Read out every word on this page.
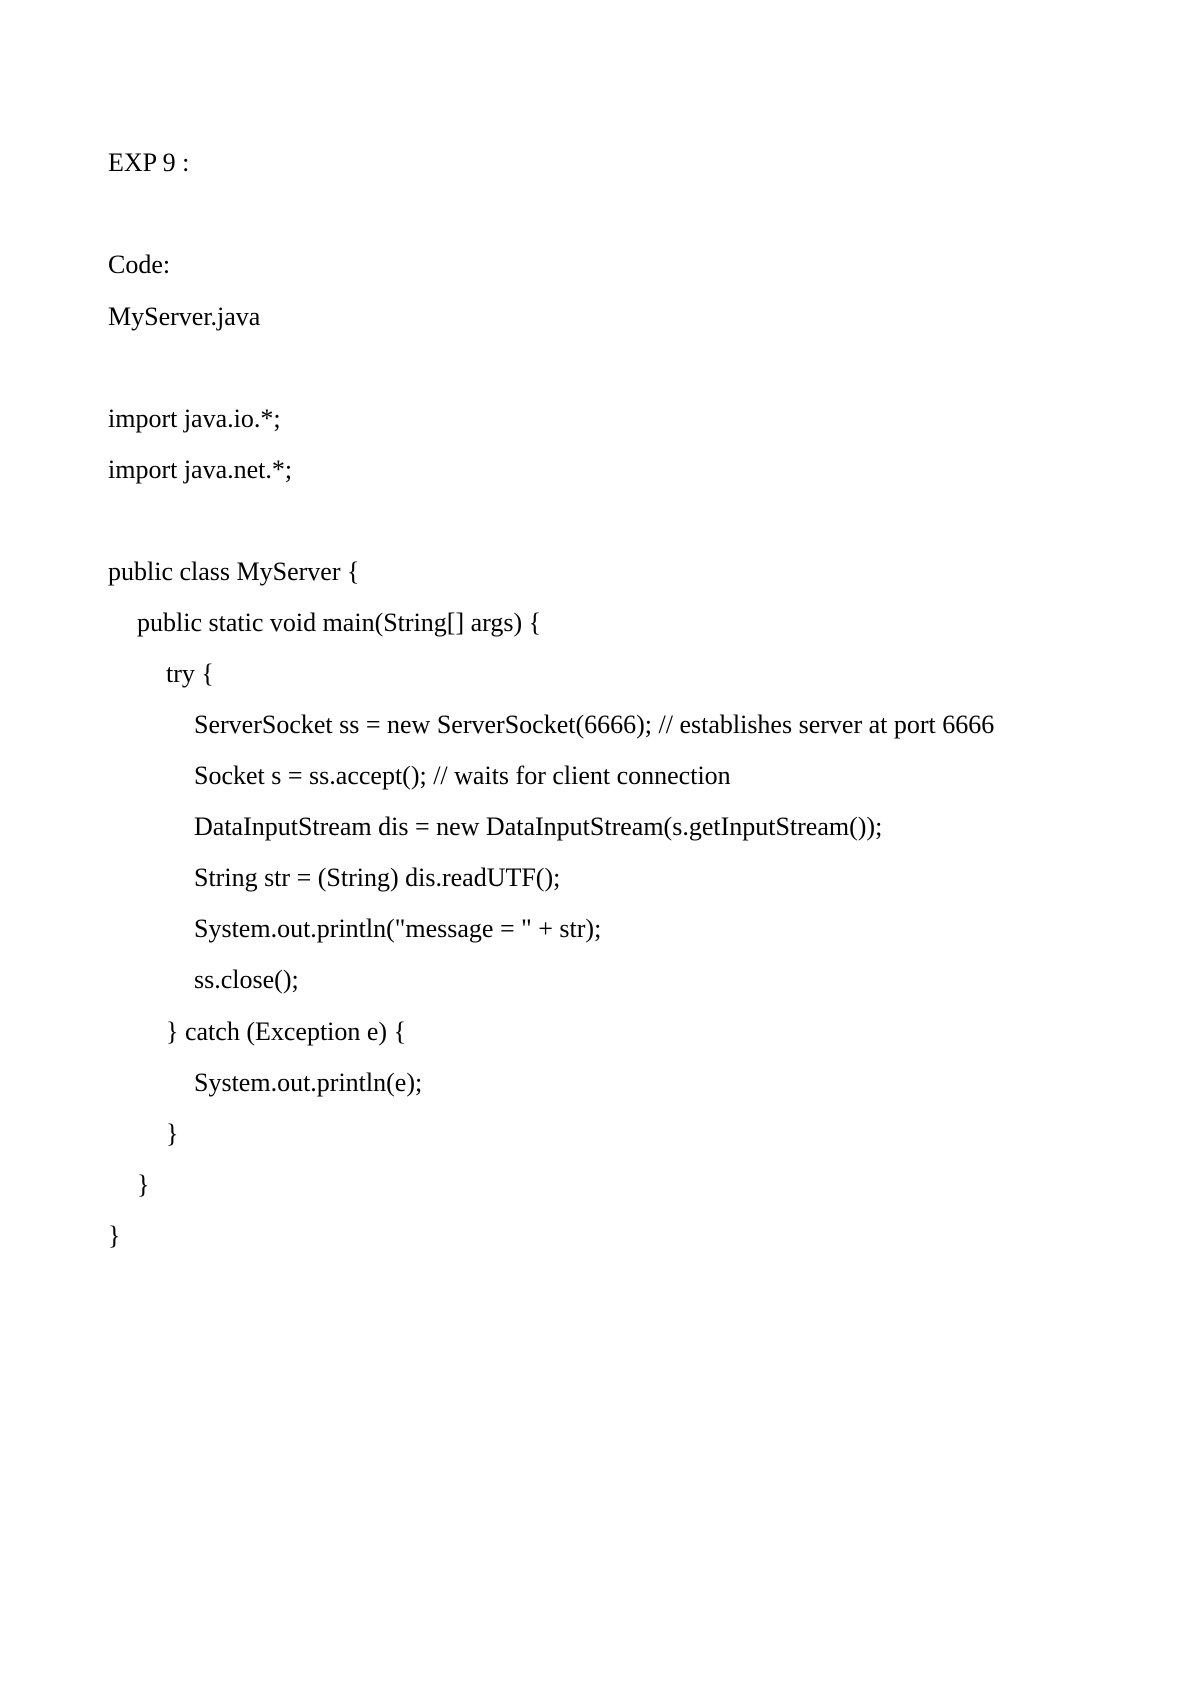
EXP 9 :

Code:

MyServer.java

import java.io.*;

import java.net.*;

public class MyServer {

public static void main(String[] args) {

try {

ServerSocket ss = new ServerSocket(6666); // establishes server at port 6666

Socket s = ss.accept(); // waits for client connection

DataInputStream dis = new DataInputStream(s.getInputStream());

String str = (String) dis.readUTF();

System.out.println("message = " + str);

ss.close();

} catch (Exception e) {

System.out.println(e);

}

}

}
